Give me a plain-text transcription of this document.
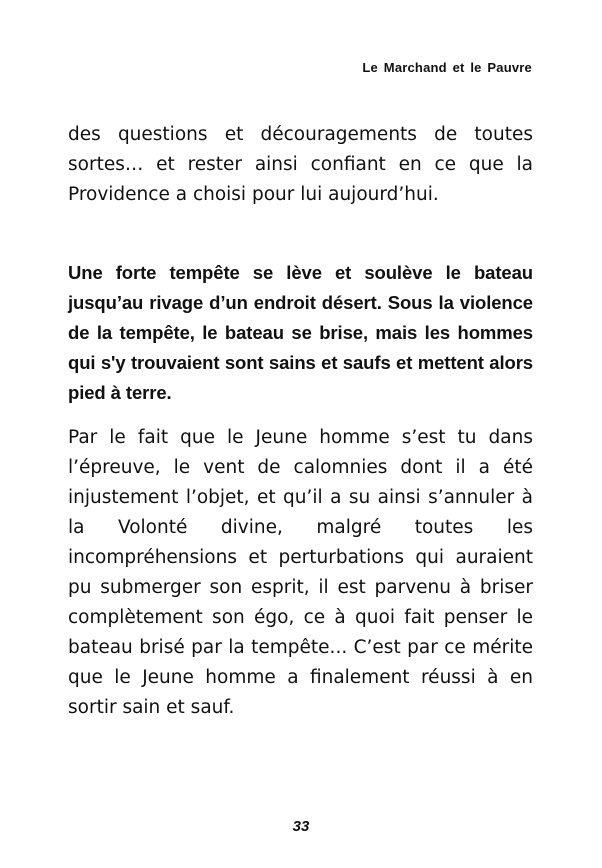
Le Marchand et le Pauvre

des questions et découragements de toutes sortes… et rester ainsi confiant en ce que la Providence a choisi pour lui aujourd’hui.

Une forte tempête se lève et soulève le bateau jusqu’au rivage d’un endroit désert. Sous la violence de la tempête, le bateau se brise, mais les hommes qui s'y trouvaient sont sains et saufs et mettent alors pied à terre.

Par le fait que le Jeune homme s’est tu dans l’épreuve, le vent de calomnies dont il a été injustement l’objet, et qu’il a su ainsi s’annuler à la Volonté divine, malgré toutes les incompréhensions et perturbations qui auraient pu submerger son esprit, il est parvenu à briser complètement son égo, ce à quoi fait penser le bateau brisé par la tempête... C’est par ce mérite que le Jeune homme a finalement réussi à en sortir sain et sauf.

33
